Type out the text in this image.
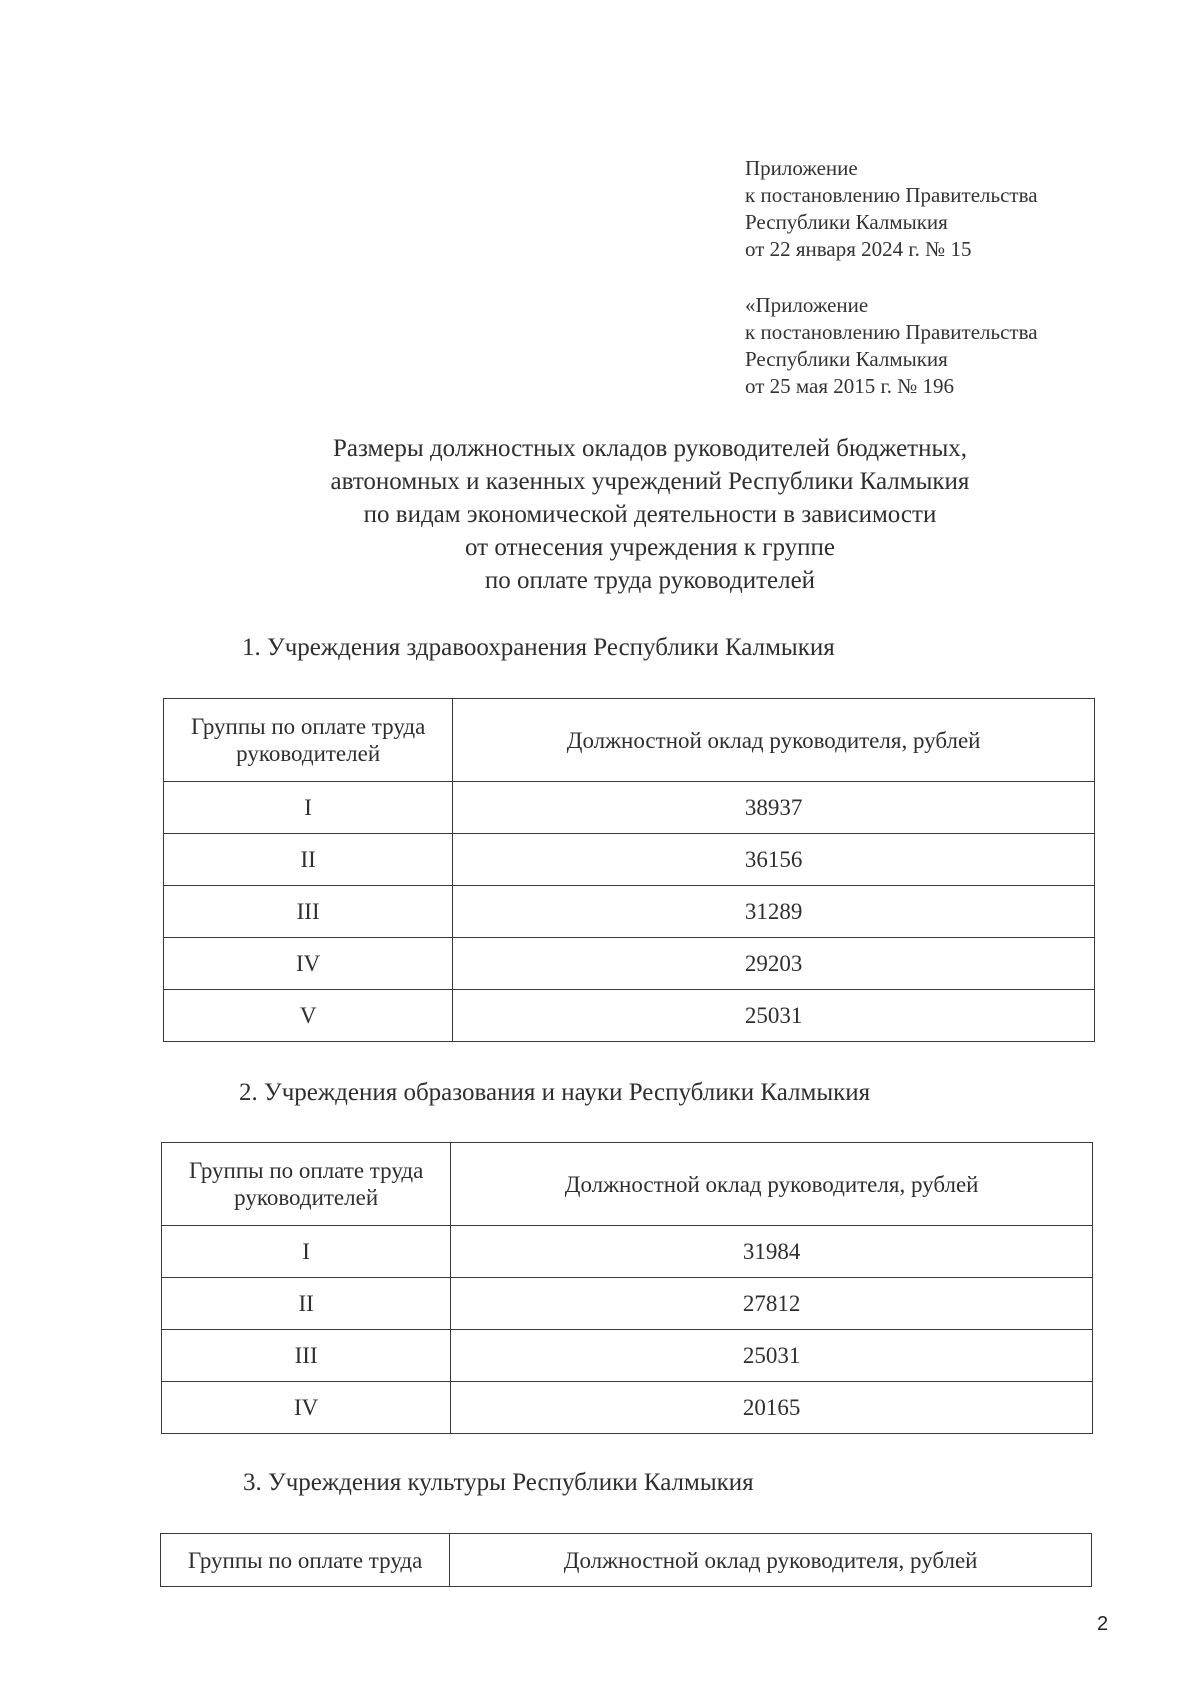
Приложение
к постановлению Правительства
Республики Калмыкия
от 22 января 2024 г. № 15
«Приложение
к постановлению Правительства
Республики Калмыкия
от 25 мая 2015 г. № 196
Размеры должностных окладов руководителей бюджетных,
автономных и казенных учреждений Республики Калмыкия
по видам экономической деятельности в зависимости
от отнесения учреждения к группе
по оплате труда руководителей
1. Учреждения здравоохранения Республики Калмыкия
Группы по оплате труда руководителей	Должностной оклад руководителя, рублей
I	38937
II	36156
III	31289
IV	29203
V	25031
2. Учреждения образования и науки Республики Калмыкия
Группы по оплате труда руководителей	Должностной оклад руководителя, рублей
I	31984
II	27812
III	25031
IV	20165
3. Учреждения культуры Республики Калмыкия
Группы по оплате труда	Должностной оклад руководителя, рублей
2
